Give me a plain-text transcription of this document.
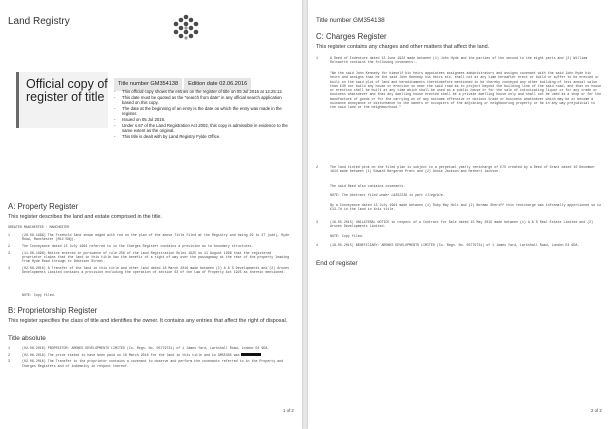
Land Registry
Official copy of register of title
Title number GM354138 Edition date 02.06.2016
- This official copy shows the entries on the register of title on 05 Jul 2016 at 12:25:12.
- This date must be quoted as the "search from date" in any official search application based on this copy.
- The date at the beginning of an entry is the date on which the entry was made in the register.
- Issued on 05 Jul 2016.
- Under s.67 of the Land Registration Act 2002, this copy is admissible in evidence to the same extent as the original.
- This title is dealt with by Land Registry Fylde Office.
A: Property Register
This register describes the land and estate comprised in the title.
GREATER MANCHESTER : MANCHESTER
1	(29.09.1986) The Freehold land shown edged with red on the plan of the above Title filed at the Registry and being 29 to 37 (odd), Hyde Road, Manchester (M12 5NQ).
2	The Conveyance dated 13 July 1964 referred to in the Charges Register contains a provision as to boundary structures.
3	(11.06.1998) Notice entered in pursuance of rule 256 of the Land Registration Rules 1925 on 11 August 1998 that the registered proprietor claims that the land in this title has the benefit of a right of way over the passageway at the rear of the property leading from Hyde Road through to Ibbetson Street.
4	(02.06.2016) A Transfer of the land in this title and other land dated 18 March 2016 made between (1) A & S Developments and (2) Arones Developments Limited contains a provision excluding the operation of section 62 of the Law of Property Act 1925 as therein mentioned.
NOTE: Copy filed.
B: Proprietorship Register
This register specifies the class of title and identifies the owner. It contains any entries that affect the right of disposal.
Title absolute
1	(02.06.2016) PROPRIETOR: ARONES DEVELOPMENTS LIMITED (Co. Regn. No. 05779731) of 1 James Yard, Larkshall Road, London E4 9DA.
2	(02.06.2016) The price stated to have been paid on 18 March 2016 for the land in this title and in GM55385 was
3	(02.06.2016) The Transfer to the proprietor contains a covenant to observe and perform the covenants referred to in the Property and Charges Registers and of indemnity in respect thereof.
1 of 2
Title number GM354138
C: Charges Register
This register contains any charges and other matters that affect the land.
1	A Deed of Indenture dated 13 June 1922 made between (1) John Hyde and the parties of the second to the eight parts and (2) William Holsworth contains the following covenants:-
"We the said John Kennedy for himself his heirs appointees assignees administrators and assigns covenant with the said John Hyde his heirs and assigns that he the said John Kennedy his heirs etc. shall not at any time hereafter erect or build or suffer to be erected or built on the said plot of land and hereditaments thereinbefore mentioned to be thereby conveyed any other building of less annual value than £40 nor build any house or erection so near the said road as to project beyond the building line of the said road, and that no house or erection shall be built at any time which shall be used as a public house or for the sale of intoxicating liquor or for any trade or business whatsoever and that any dwelling house erected shall be a private dwelling house only and shall not be used as a shop or for the manufacture of goods or for the carrying on of any noisome offensive or noxious trade or business whatsoever which may be or become a nuisance annoyance or disturbance to the owners or occupiers of the adjoining or neighbouring property or be in any way prejudicial to the said land or the neighbourhood."
2	The land tinted pink on the filed plan is subject to a perpetual yearly rentcharge of £75 created by a Deed of Grant dated 10 December 1914 made between (1) Edward Bergeron Pratt and (2) Annie Jackson and Herbert Jackson.
The said Deed also contains covenants.
NOTE: The Abstract filed under LA352239 is part illegible.
By a Conveyance dated 13 July 1964 made between (1) Ruby May Holt and (2) Norman Sheriff this rentcharge was informally apportioned so to £13-7d in the land in this title.
3	(18.05.2015) UNILATERAL NOTICE in respect of a Contract for Sale dated 15 May 2015 made between (1) A & S Real Estate Limited and (2) Arones Developments Limited.
NOTE: Copy filed.
4	(18.05.2015) BENEFICIARY: ARONES DEVELOPMENTS LIMITED (Co. Regn. No. 05779731) of 1 James Yard, Larkshall Road, London E4 9DA.
End of register
2 of 2
